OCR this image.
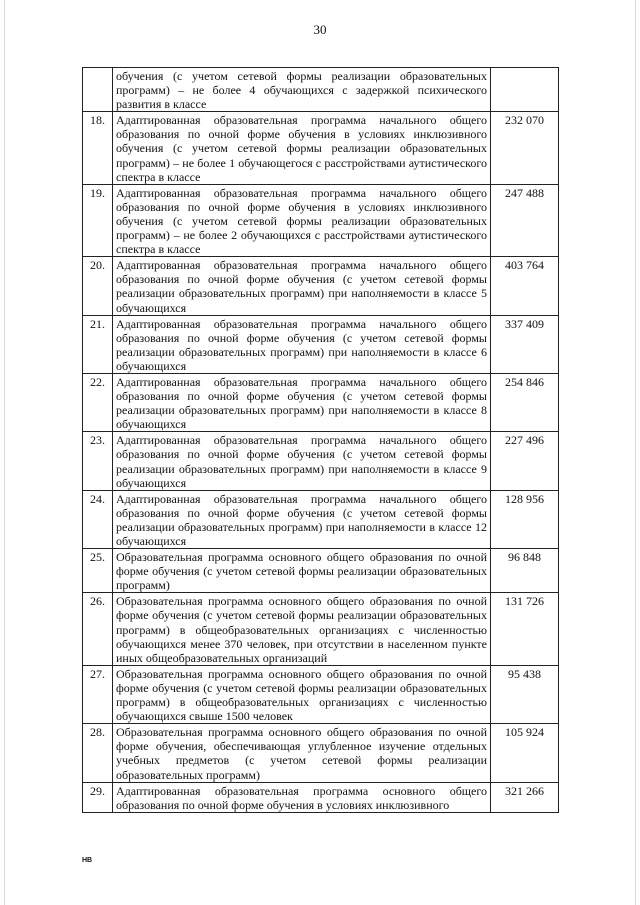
30
	обучения (с учетом сетевой формы реализации образовательных программ) – не более 4 обучающихся с задержкой психического развития в классе	
18.	Адаптированная образовательная программа начального общего образования по очной форме обучения в условиях инклюзивного обучения (с учетом сетевой формы реализации образовательных программ) – не более 1 обучающегося с расстройствами аутистического спектра в классе	232 070
19.	Адаптированная образовательная программа начального общего образования по очной форме обучения в условиях инклюзивного обучения (с учетом сетевой формы реализации образовательных программ) – не более 2 обучающихся с расстройствами аутистического спектра в классе	247 488
20.	Адаптированная образовательная программа начального общего образования по очной форме обучения (с учетом сетевой формы реализации образовательных программ) при наполняемости в классе 5 обучающихся	403 764
21.	Адаптированная образовательная программа начального общего образования по очной форме обучения (с учетом сетевой формы реализации образовательных программ) при наполняемости в классе 6 обучающихся	337 409
22.	Адаптированная образовательная программа начального общего образования по очной форме обучения (с учетом сетевой формы реализации образовательных программ) при наполняемости в классе 8 обучающихся	254 846
23.	Адаптированная образовательная программа начального общего образования по очной форме обучения (с учетом сетевой формы реализации образовательных программ) при наполняемости в классе 9 обучающихся	227 496
24.	Адаптированная образовательная программа начального общего образования по очной форме обучения (с учетом сетевой формы реализации образовательных программ) при наполняемости в классе 12 обучающихся	128 956
25.	Образовательная программа основного общего образования по очной форме обучения (с учетом сетевой формы реализации образовательных программ)	96 848
26.	Образовательная программа основного общего образования по очной форме обучения (с учетом сетевой формы реализации образовательных программ) в общеобразовательных организациях с численностью обучающихся менее 370 человек, при отсутствии в населенном пункте иных общеобразовательных организаций	131 726
27.	Образовательная программа основного общего образования по очной форме обучения (с учетом сетевой формы реализации образовательных программ) в общеобразовательных организациях с численностью обучающихся свыше 1500 человек	95 438
28.	Образовательная программа основного общего образования по очной форме обучения, обеспечивающая углубленное изучение отдельных учебных предметов (с учетом сетевой формы реализации образовательных программ)	105 924
29.	Адаптированная образовательная программа основного общего образования по очной форме обучения в условиях инклюзивного	321 266
HB
